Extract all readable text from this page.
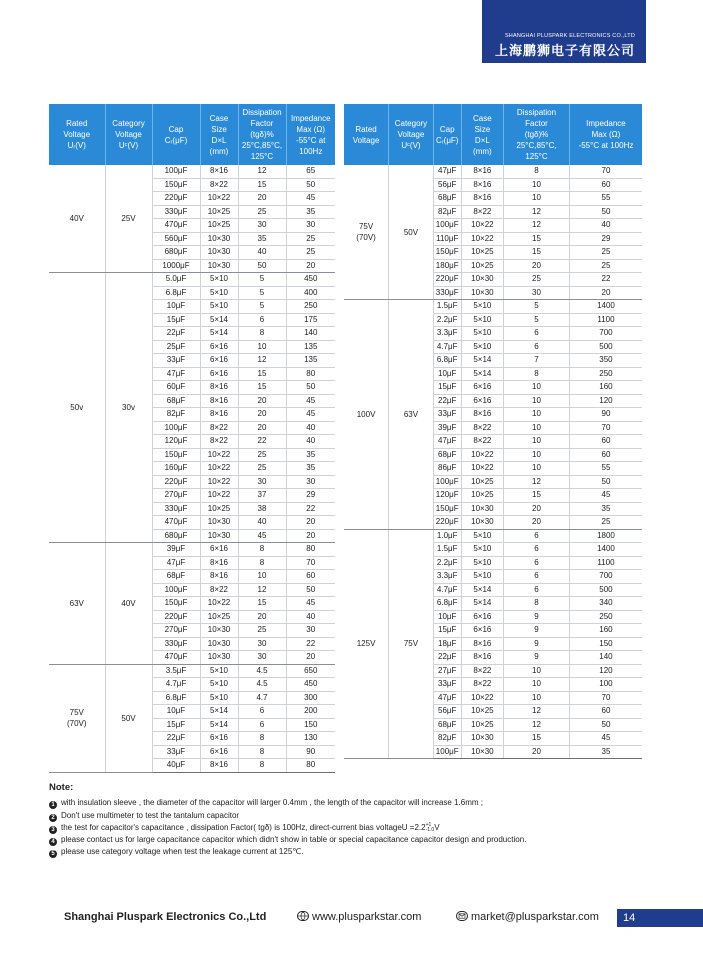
SHANGHAI PLUSPARK ELECTRONICS CO.,LTD
上海鹏狮电子有限公司
Rated
Voltage
Uᵣ(V)	Category
Voltage
Uᶜ(V)	Cap
Cᵣ(μF)	Case
Size
D×L
(mm)	Dissipation
Factor
(tgδ)%
25°C,85°C,
125°C	Impedance
Max (Ω)
-55°C at 100Hz
40V	25V	100μF	8×16	12	65
		150μF	8×22	15	50
		220μF	10×22	20	45
		330μF	10×25	25	35
		470μF	10×25	30	30
		560μF	10×30	35	25
		680μF	10×30	40	25
		1000μF	10×30	50	20
50v	30v	5.0μF	5×10	5	450
		6.8μF	5×10	5	400
		10μF	5×10	5	250
		15μF	5×14	6	175
		22μF	5×14	8	140
		25μF	6×16	10	135
		33μF	6×16	12	135
		47μF	6×16	15	80
		60μF	8×16	15	50
		68μF	8×16	20	45
		82μF	8×16	20	45
		100μF	8×22	20	40
		120μF	8×22	22	40
		150μF	10×22	25	35
		160μF	10×22	25	35
		220μF	10×22	30	30
		270μF	10×22	37	29
		330μF	10×25	38	22
		470μF	10×30	40	20
		680μF	10×30	45	20
63V	40V	39μF	6×16	8	80
		47μF	8×16	8	70
		68μF	8×16	10	60
		100μF	8×22	12	50
		150μF	10×22	15	45
		220μF	10×25	20	40
		270μF	10×30	25	30
		330μF	10×30	30	22
		470μF	10×30	30	20
75V
(70V)	50V	3.5μF	5×10	4.5	650
		4.7μF	5×10	4.5	450
		6.8μF	5×10	4.7	300
		10μF	5×14	6	200
		15μF	5×14	6	150
		22μF	6×16	8	130
		33μF	6×16	8	90
		40μF	8×16	8	80
Rated
Voltage	Category
Voltage
Uᶜ(V)	Cap
Cᵣ(μF)	Case
Size
D×L
(mm)	Dissipation
Factor
(tgδ)%
25°C,85°C,
125°C	Impedance
Max (Ω)
-55°C at 100Hz
75V
(70V)	50V	47μF	8×16	8	70
		56μF	8×16	10	60
		68μF	8×16	10	55
		82μF	8×22	12	50
		100μF	10×22	12	40
		110μF	10×22	15	29
		150μF	10×25	15	25
		180μF	10×25	20	25
		220μF	10×30	25	22
		330μF	10×30	30	20
100V	63V	1.5μF	5×10	5	1400
		2.2μF	5×10	5	1100
		3.3μF	5×10	6	700
		4.7μF	5×10	6	500
		6.8μF	5×14	7	350
		10μF	5×14	8	250
		15μF	6×16	10	160
		22μF	6×16	10	120
		33μF	8×16	10	90
		39μF	8×22	10	70
		47μF	8×22	10	60
		68μF	10×22	10	60
		86μF	10×22	10	55
		100μF	10×25	12	50
		120μF	10×25	15	45
		150μF	10×30	20	35
		220μF	10×30	20	25
125V	75V	1.0μF	5×10	6	1800
		1.5μF	5×10	6	1400
		2.2μF	5×10	6	1100
		3.3μF	5×10	6	700
		4.7μF	5×14	6	500
		6.8μF	5×14	8	340
		10μF	6×16	9	250
		15μF	6×16	9	160
		18μF	8×16	9	150
		22μF	8×16	9	140
		27μF	8×22	10	120
		33μF	8×22	10	100
		47μF	10×22	10	70
		56μF	10×25	12	60
		68μF	10×25	12	50
		82μF	10×30	15	45
		100μF	10×30	20	35
Note:
1 with insulation sleeve , the diameter of the capacitor will larger 0.4mm , the length of the capacitor will increase 1.6mm ;
2 Don't use multimeter to test the tantalum capacitor
3 the test for capacitor's capacitance , dissipation Factor( tgδ) is 100Hz, direct-current bias voltageU =2.2 +1
-1.0 V
4 please contact us for large capacitance capacitor which didn't show in table or special capacitance capacitor design and production.
5 please use category voltage when test the leakage current at 125℃.
Shanghai Pluspark Electronics Co.,Ltd	www.plusparkstar.com	market@plusparkstar.com 14
